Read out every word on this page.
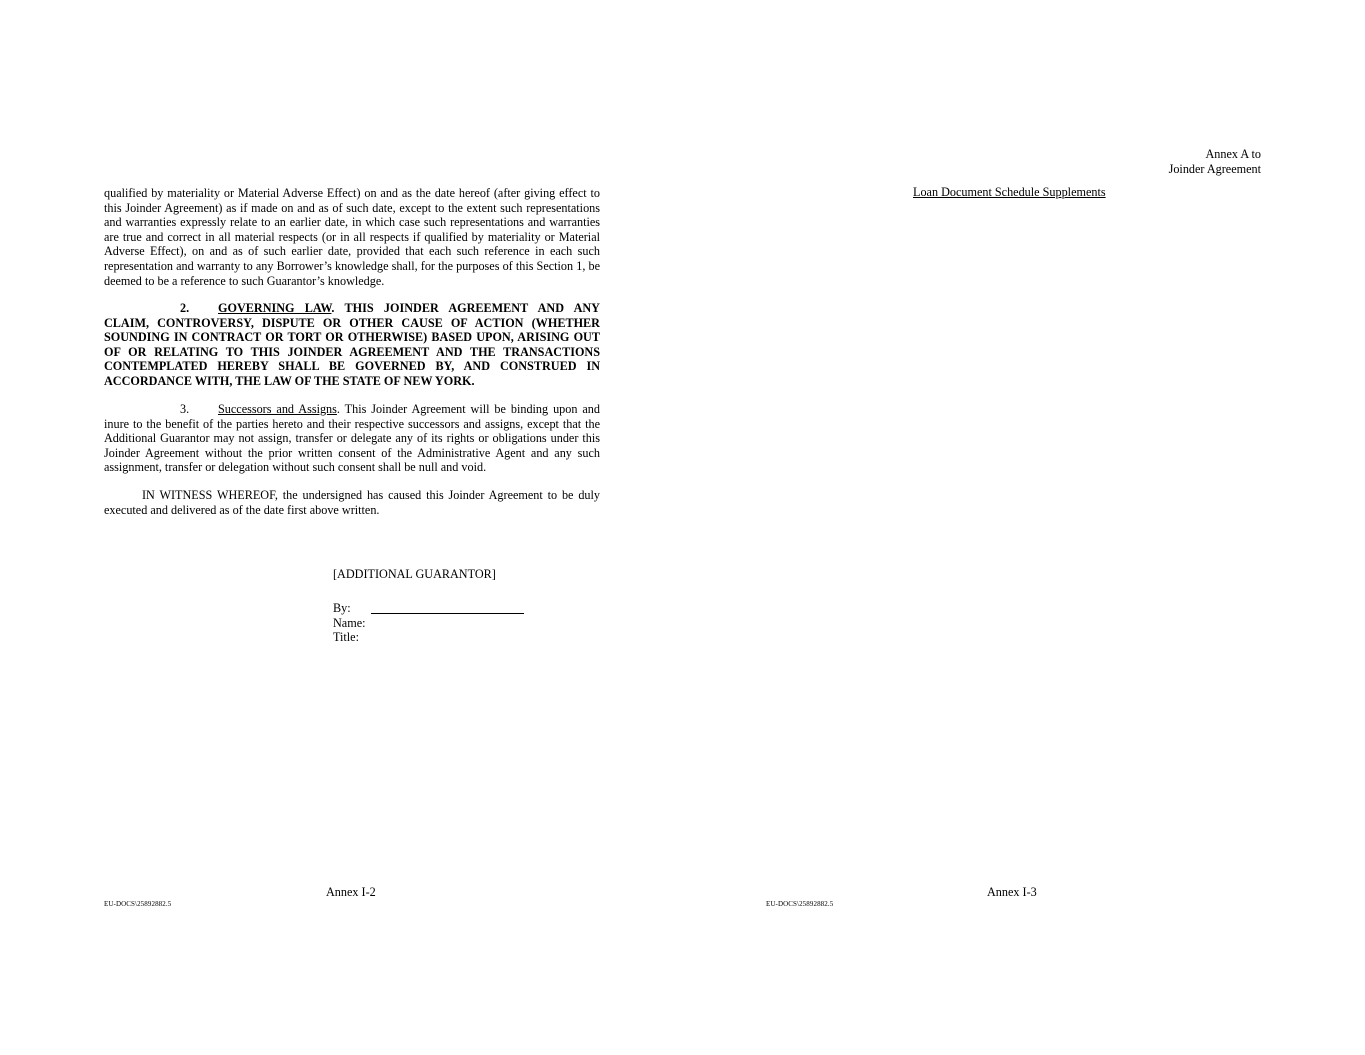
qualified by materiality or Material Adverse Effect) on and as the date hereof (after giving effect to this Joinder Agreement) as if made on and as of such date, except to the extent such representations and warranties expressly relate to an earlier date, in which case such representations and warranties are true and correct in all material respects (or in all respects if qualified by materiality or Material Adverse Effect), on and as of such earlier date, provided that each such reference in each such representation and warranty to any Borrower’s knowledge shall, for the purposes of this Section 1, be deemed to be a reference to such Guarantor’s knowledge.

2. GOVERNING LAW. THIS JOINDER AGREEMENT AND ANY CLAIM, CONTROVERSY, DISPUTE OR OTHER CAUSE OF ACTION (WHETHER SOUNDING IN CONTRACT OR TORT OR OTHERWISE) BASED UPON, ARISING OUT OF OR RELATING TO THIS JOINDER AGREEMENT AND THE TRANSACTIONS CONTEMPLATED HEREBY SHALL BE GOVERNED BY, AND CONSTRUED IN ACCORDANCE WITH, THE LAW OF THE STATE OF NEW YORK.

3. Successors and Assigns. This Joinder Agreement will be binding upon and inure to the benefit of the parties hereto and their respective successors and assigns, except that the Additional Guarantor may not assign, transfer or delegate any of its rights or obligations under this Joinder Agreement without the prior written consent of the Administrative Agent and any such assignment, transfer or delegation without such consent shall be null and void.

IN WITNESS WHEREOF, the undersigned has caused this Joinder Agreement to be duly executed and delivered as of the date first above written.

[ADDITIONAL GUARANTOR]
By:
Name:
Title:
Annex I-2
EU-DOCS\25892882.5
Annex A to
Joinder Agreement
Loan Document Schedule Supplements
Annex I-3
EU-DOCS\25892882.5
